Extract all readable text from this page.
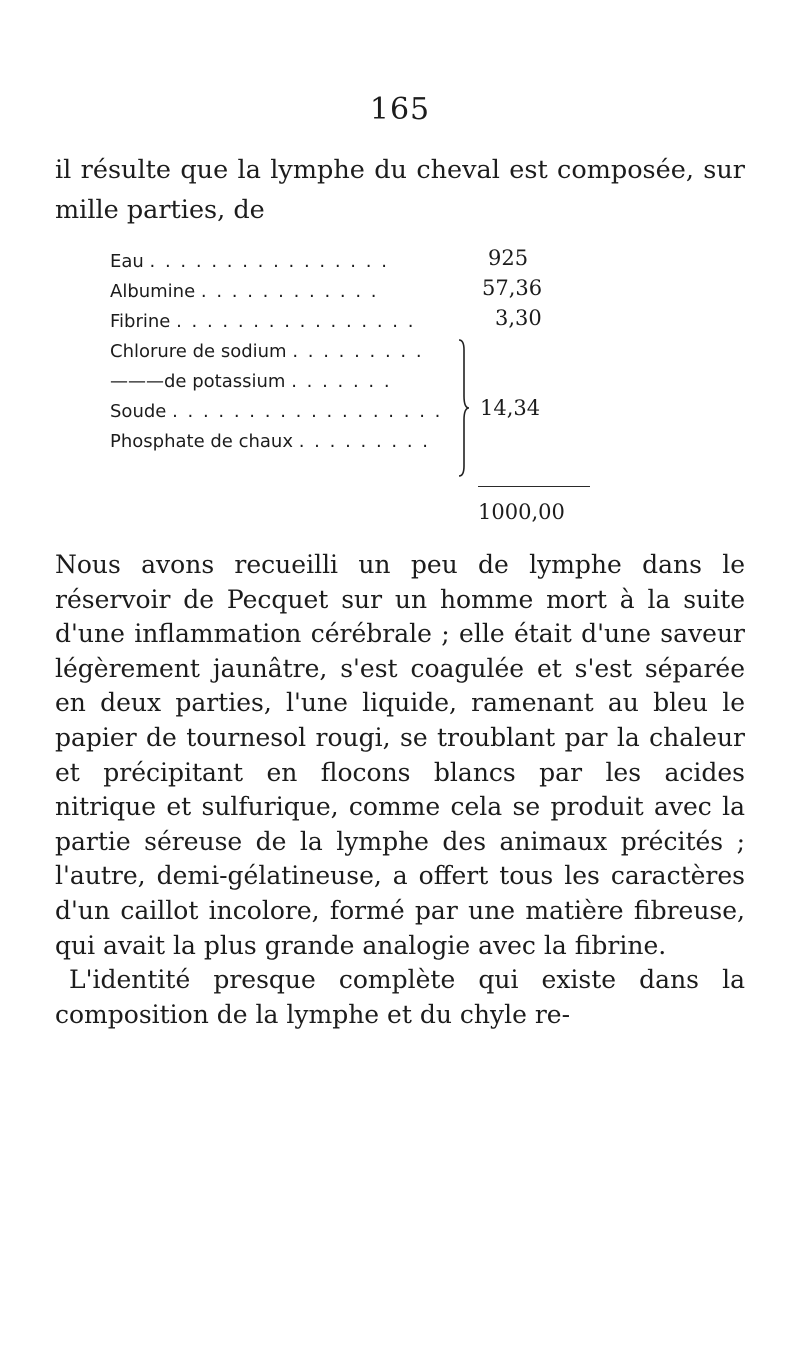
165

il résulte que la lymphe du cheval est composée, sur mille parties, de

Eau . . . . . . . . . . . . . . . .	925
Albumine . . . . . . . . . . . .	57,36
Fibrine . . . . . . . . . . . . . . . .	3,30
Chlorure de sodium . . . . . . . . .
———de potassium . . . . . . .
Soude . . . . . . . . . . . . . . . . . .
Phosphate de chaux . . . . . . . . .
14,34
1000,00

Nous avons recueilli un peu de lymphe dans le réservoir de Pecquet sur un homme mort à la suite d'une inflammation cérébrale ; elle était d'une saveur légèrement jaunâtre, s'est coagulée et s'est séparée en deux parties, l'une liquide, ramenant au bleu le papier de tournesol rougi, se troublant par la chaleur et précipitant en flocons blancs par les acides nitrique et sulfurique, comme cela se produit avec la partie séreuse de la lymphe des animaux précités ; l'autre, demi-gélatineuse, a offert tous les caractères d'un caillot incolore, formé par une matière fibreuse, qui avait la plus grande analogie avec la fibrine.

L'identité presque complète qui existe dans la composition de la lymphe et du chyle re-
